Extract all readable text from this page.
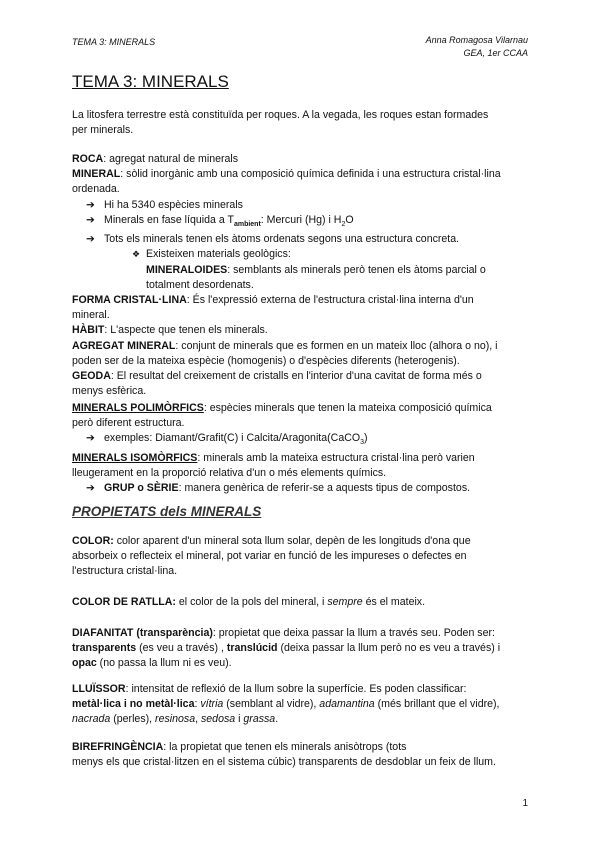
TEMA 3: MINERALS	Anna Romagosa Vilarnau
GEA, 1er CCAA
TEMA 3: MINERALS

La litosfera terrestre està constituïda per roques. A la vegada, les roques estan formades

per minerals.

ROCA: agregat natural de minerals

MINERAL: sòlid inorgànic amb una composició química definida i una estructura cristal·lina

ordenada.

➔ Hi ha 5340 espècies minerals

➔ Minerals en fase líquida a $T_{ambient}$: Mercuri (Hg) i $H_2O$

➔ Tots els minerals tenen els àtoms ordenats segons una estructura concreta.

❖ Existeixen materials geològics:

MINERALOIDES: semblants als minerals però tenen els àtoms parcial o

totalment desordenats.

FORMA CRISTAL·LINA: És l'expressió externa de l'estructura cristal·lina interna d'un

mineral.

HÀBIT: L'aspecte que tenen els minerals.

AGREGAT MINERAL: conjunt de minerals que es formen en un mateix lloc (alhora o no), i

poden ser de la mateixa espècie (homogenis) o d'espècies diferents (heterogenis).

GEODA: El resultat del creixement de cristalls en l'interior d'una cavitat de forma més o

menys esfèrica.

MINERALS POLIMÒRFICS: espècies minerals que tenen la mateixa composició química

però diferent estructura.

➔ exemples: Diamant/Grafit(C) i Calcita/Aragonita(CaCO$_3$)

MINERALS ISOMÒRFICS: minerals amb la mateixa estructura cristal·lina però varien

lleugerament en la proporció relativa d'un o més elements químics.

➔ GRUP o SÈRIE: manera genèrica de referir-se a aquests tipus de compostos.

PROPIETATS dels MINERALS

COLOR: color aparent d'un mineral sota llum solar, depèn de les longituds d'ona que

absorbeix o reflecteix el mineral, pot variar en funció de les impureses o defectes en

l'estructura cristal·lina.

COLOR DE RATLLA: el color de la pols del mineral, i sempre és el mateix.

DIAFANITAT (transparència): propietat que deixa passar la llum a través seu. Poden ser:

transparents (es veu a través) , translúcid (deixa passar la llum però no es veu a través) i

opac (no passa la llum ni es veu).

LLUÏSSOR: intensitat de reflexió de la llum sobre la superfície. Es poden classificar:

metàl·lica i no metàl·lica: vítria (semblant al vidre), adamantina (més brillant que el vidre),

nacrada (perles), resinosa, sedosa i grassa.

BIREFRINGÈNCIA: la propietat que tenen els minerals anisòtrops (tots

menys els que cristal·litzen en el sistema cúbic) transparents de desdoblar un feix de llum.

1
